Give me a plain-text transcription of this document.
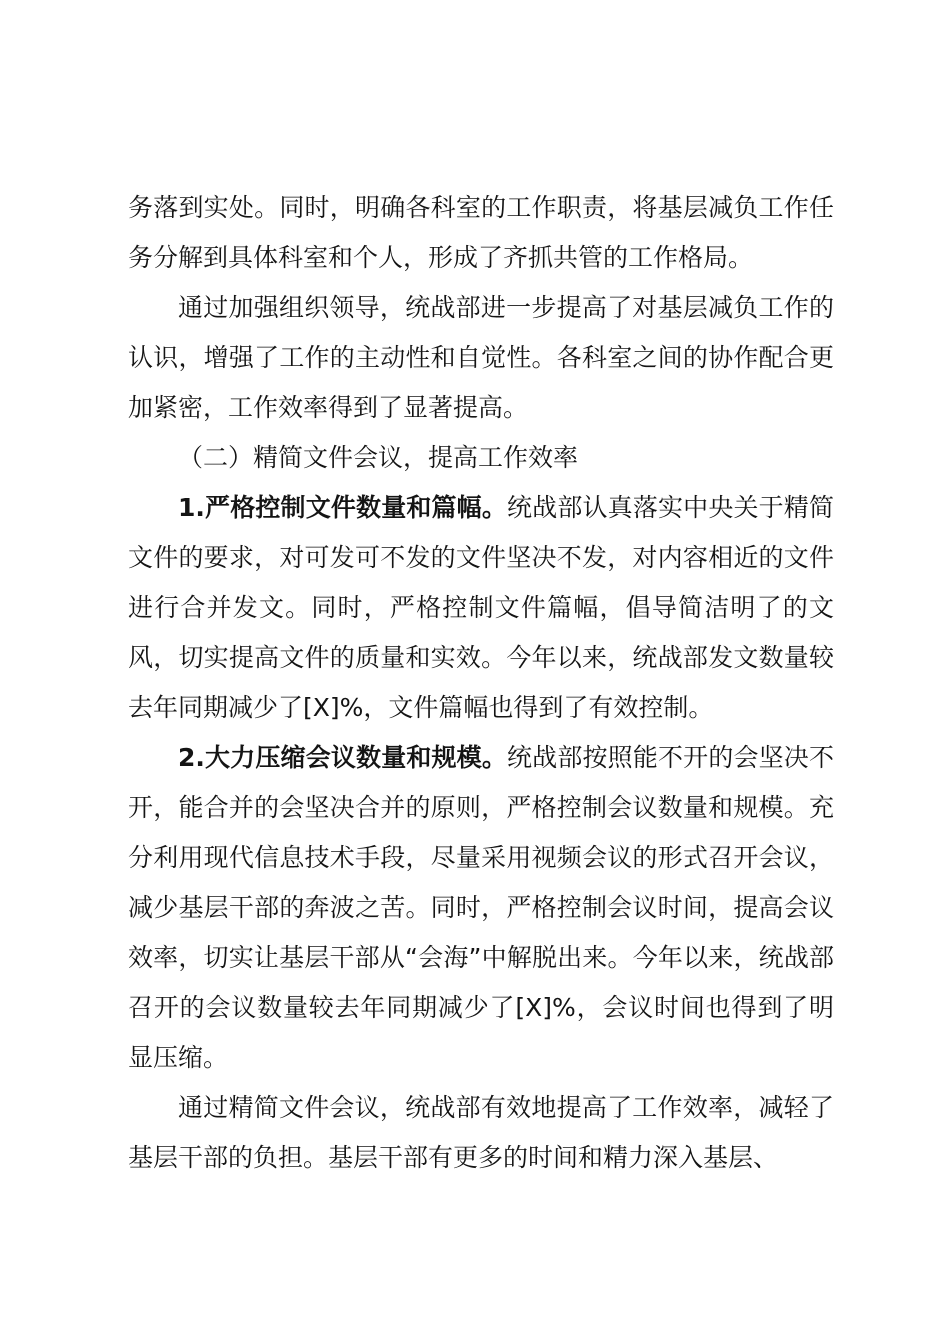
务落到实处。同时，明确各科室的工作职责，将基层减负工作任务分解到具体科室和个人，形成了齐抓共管的工作格局。

通过加强组织领导，统战部进一步提高了对基层减负工作的认识，增强了工作的主动性和自觉性。各科室之间的协作配合更加紧密，工作效率得到了显著提高。

（二）精简文件会议，提高工作效率

1.严格控制文件数量和篇幅。统战部认真落实中央关于精简文件的要求，对可发可不发的文件坚决不发，对内容相近的文件进行合并发文。同时，严格控制文件篇幅，倡导简洁明了的文风，切实提高文件的质量和实效。今年以来，统战部发文数量较去年同期减少了[X]%，文件篇幅也得到了有效控制。

2.大力压缩会议数量和规模。统战部按照能不开的会坚决不开，能合并的会坚决合并的原则，严格控制会议数量和规模。充分利用现代信息技术手段，尽量采用视频会议的形式召开会议，减少基层干部的奔波之苦。同时，严格控制会议时间，提高会议效率，切实让基层干部从“会海”中解脱出来。今年以来，统战部召开的会议数量较去年同期减少了[X]%，会议时间也得到了明显压缩。

通过精简文件会议，统战部有效地提高了工作效率，减轻了基层干部的负担。基层干部有更多的时间和精力深入基层、
